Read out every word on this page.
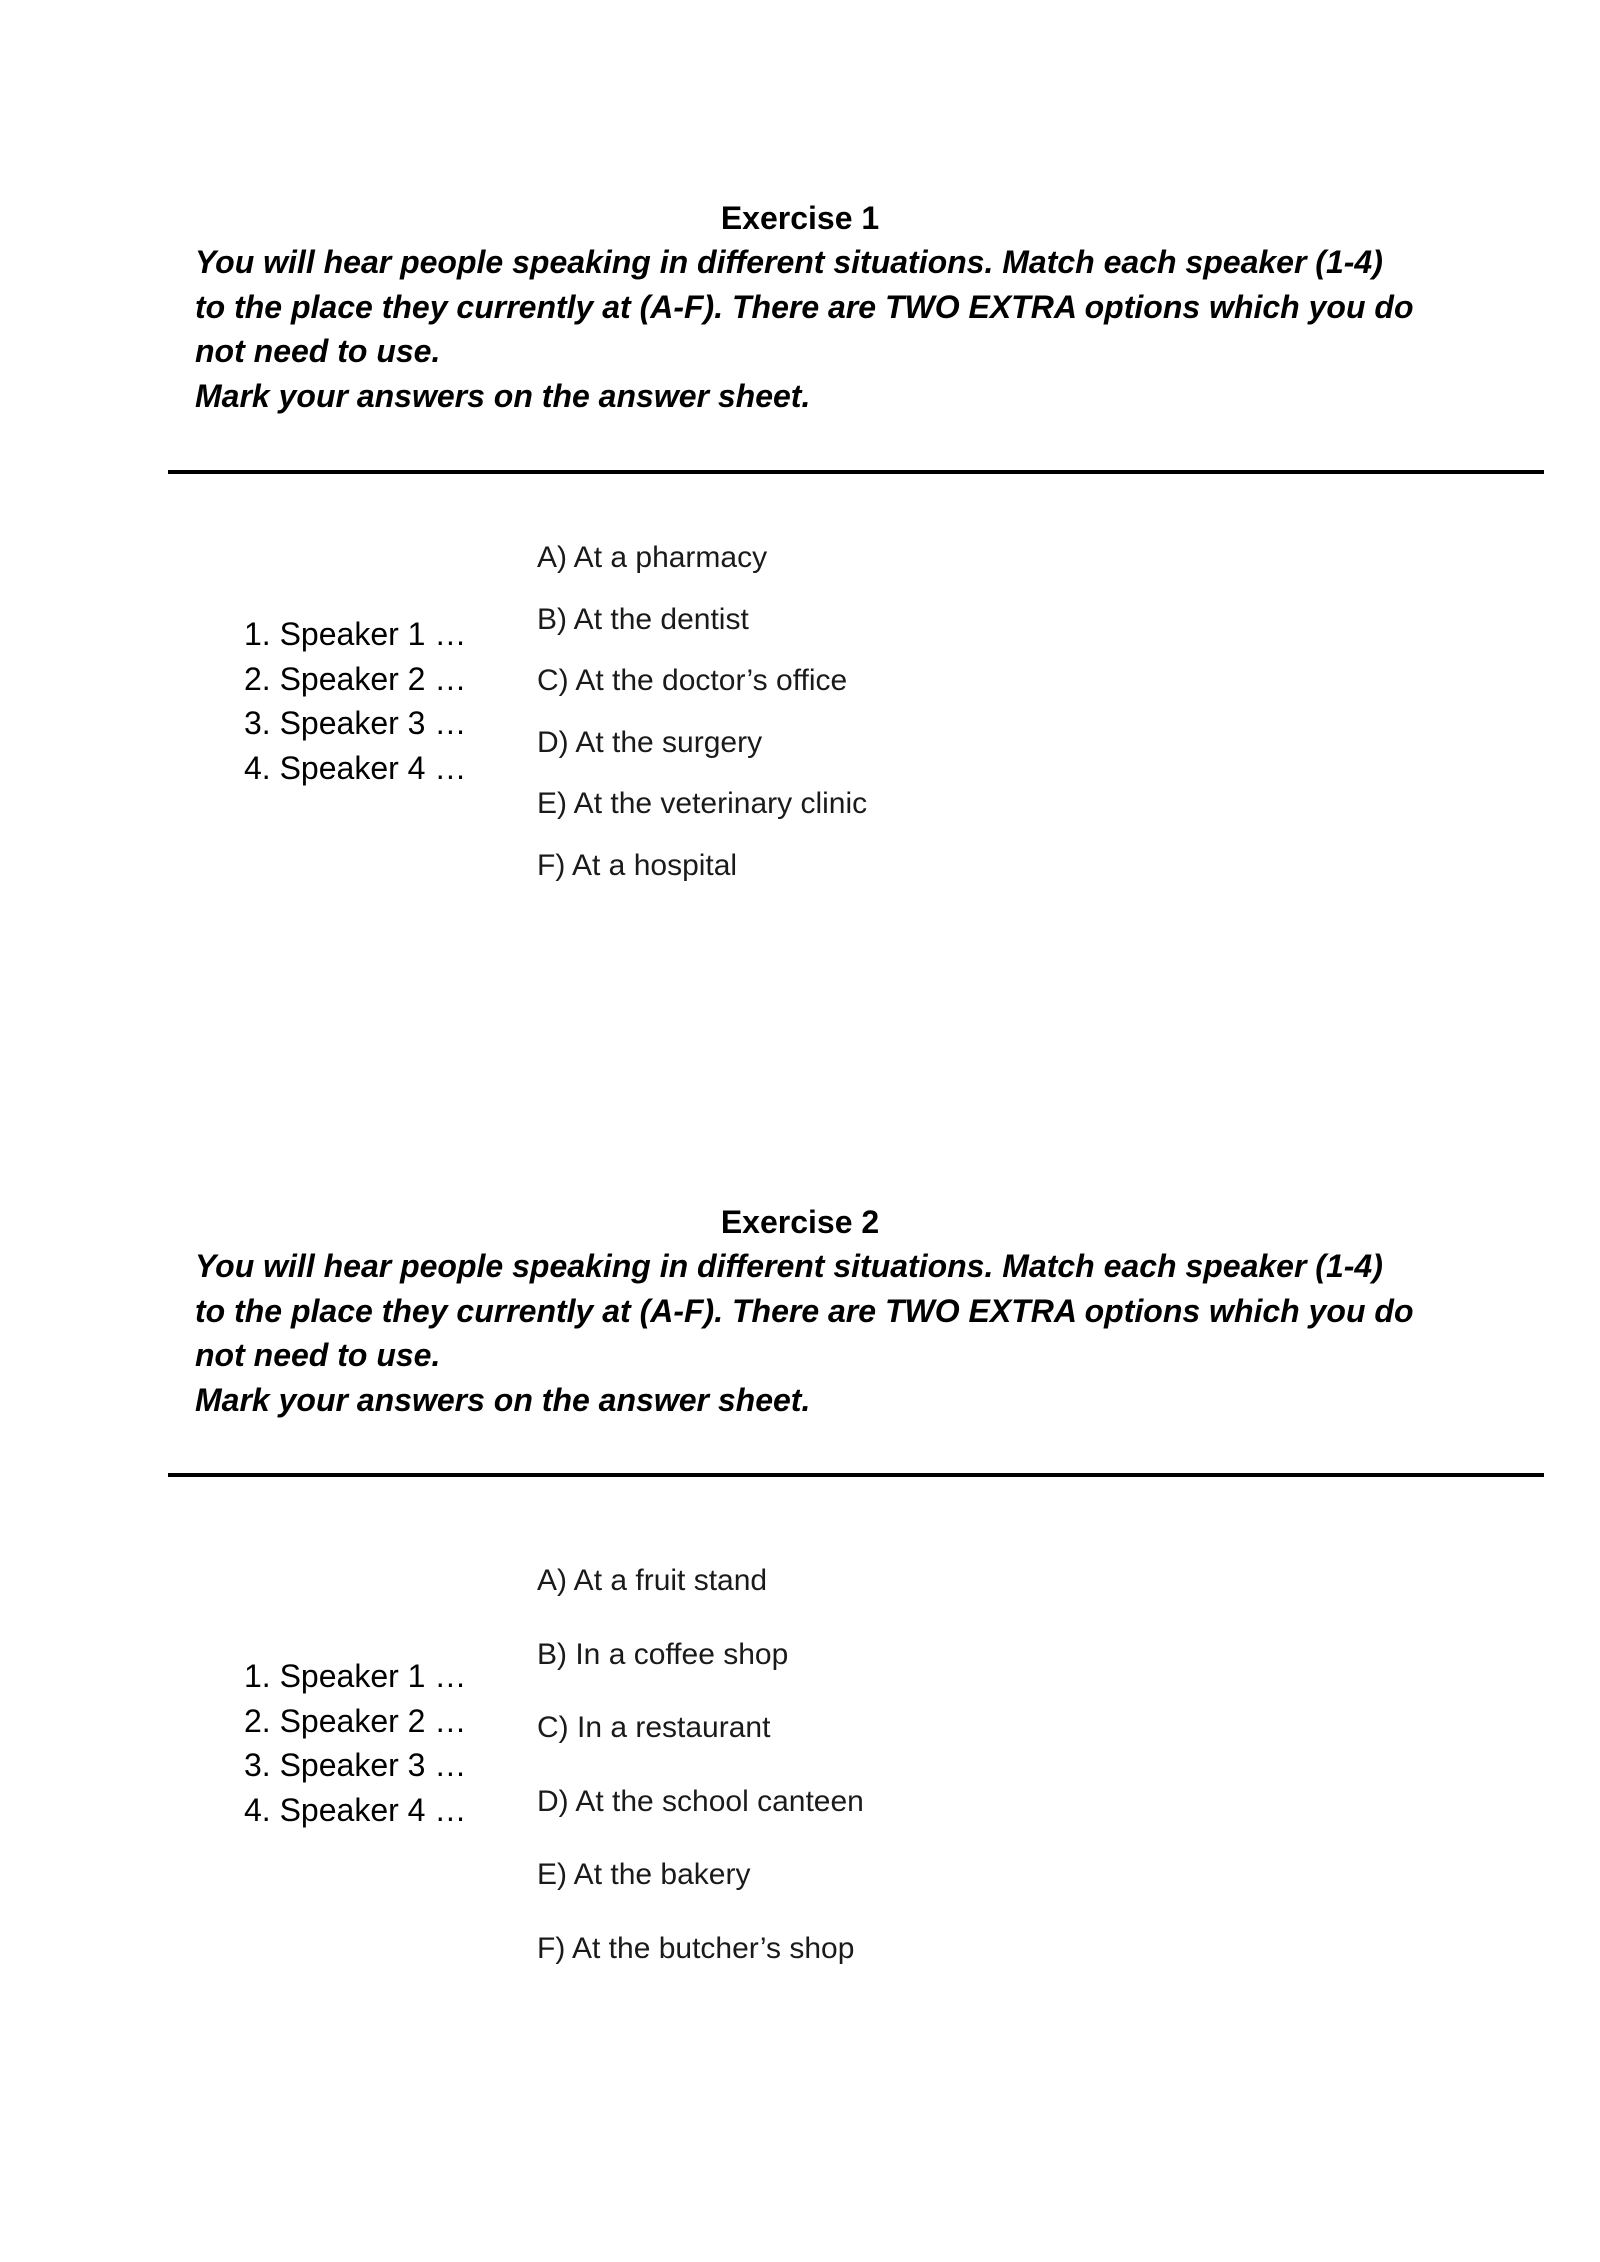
Exercise 1

You will hear people speaking in different situations. Match each speaker (1-4)

to the place they currently at (A-F). There are TWO EXTRA options which you do

not need to use.

Mark your answers on the answer sheet.

1. Speaker 1 …
2. Speaker 2 …
3. Speaker 3 …
4. Speaker 4 …
A) At a pharmacy
B) At the dentist
C) At the doctor’s office
D) At the surgery
E) At the veterinary clinic
F) At a hospital
Exercise 2

You will hear people speaking in different situations. Match each speaker (1-4)

to the place they currently at (A-F). There are TWO EXTRA options which you do

not need to use.

Mark your answers on the answer sheet.

1. Speaker 1 …
2. Speaker 2 …
3. Speaker 3 …
4. Speaker 4 …
A) At a fruit stand
B) In a coffee shop
C) In a restaurant
D) At the school canteen
E) At the bakery
F) At the butcher’s shop
